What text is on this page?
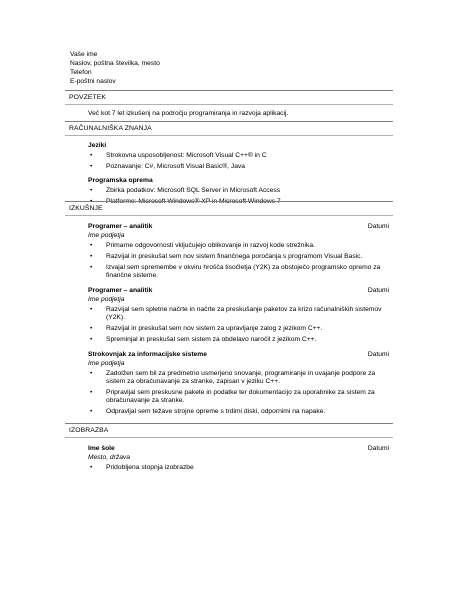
Vaše ime
Naslov, poštna številka, mesto
Telefon
E-poštni naslov
POVZETEK
Več kot 7 let izkušenj na področju programiranja in razvoja aplikacij.
RAČUNALNIŠKA ZNANJA
Jeziki
• Strokovna usposobljenost: Microsoft Visual C++® in C
• Poznavanje: C#, Microsoft Visual Basic®, Java
Programska oprema
• Zbirka podatkov: Microsoft SQL Server in Microsoft Access
• Platforme: Microsoft Windows® XP in Microsoft Windows 7
IZKUŠNJE
Programer – analitik	Datumi
Ime podjetja
• Primarne odgovornosti vključujejo oblikovanje in razvoj kode strežnika.
• Razvijal in preskušal sem nov sistem finančnega poročanja s programom Visual Basic.
• Izvajal sem spremembe v okviru hrošča tisočletja (Y2K) za obstoječo programsko opremo za finančne sisteme.
Programer – analitik	Datumi
Ime podjetja
• Razvijal sem spletne načrte in načrte za preskušanje paketov za krizo računalniških sistemov (Y2K).
• Razvijal in preskušal sem nov sistem za upravljanje zalog z jezikom C++.
• Spreminjal in preskušal sem sistem za obdelavo naročil z jezikom C++.
Strokovnjak za informacijske sisteme	Datumi
Ime podjetja
• Zadolžen sem bil za predmetno usmerjeno snovanje, programiranje in uvajanje podpore za sistem za obračunavanje za stranke, zapisan v jeziku C++.
• Pripravljal sem preskusne pakete in podatke ter dokumentacijo za uporabnike za sistem za obračunavanje za stranke.
• Odpravljal sem težave strojne opreme s trdimi diski, odpornimi na napake.
IZOBRAZBA
Ime šole	Datumi
Mesto, država
• Pridobljena stopnja izobrazbe
